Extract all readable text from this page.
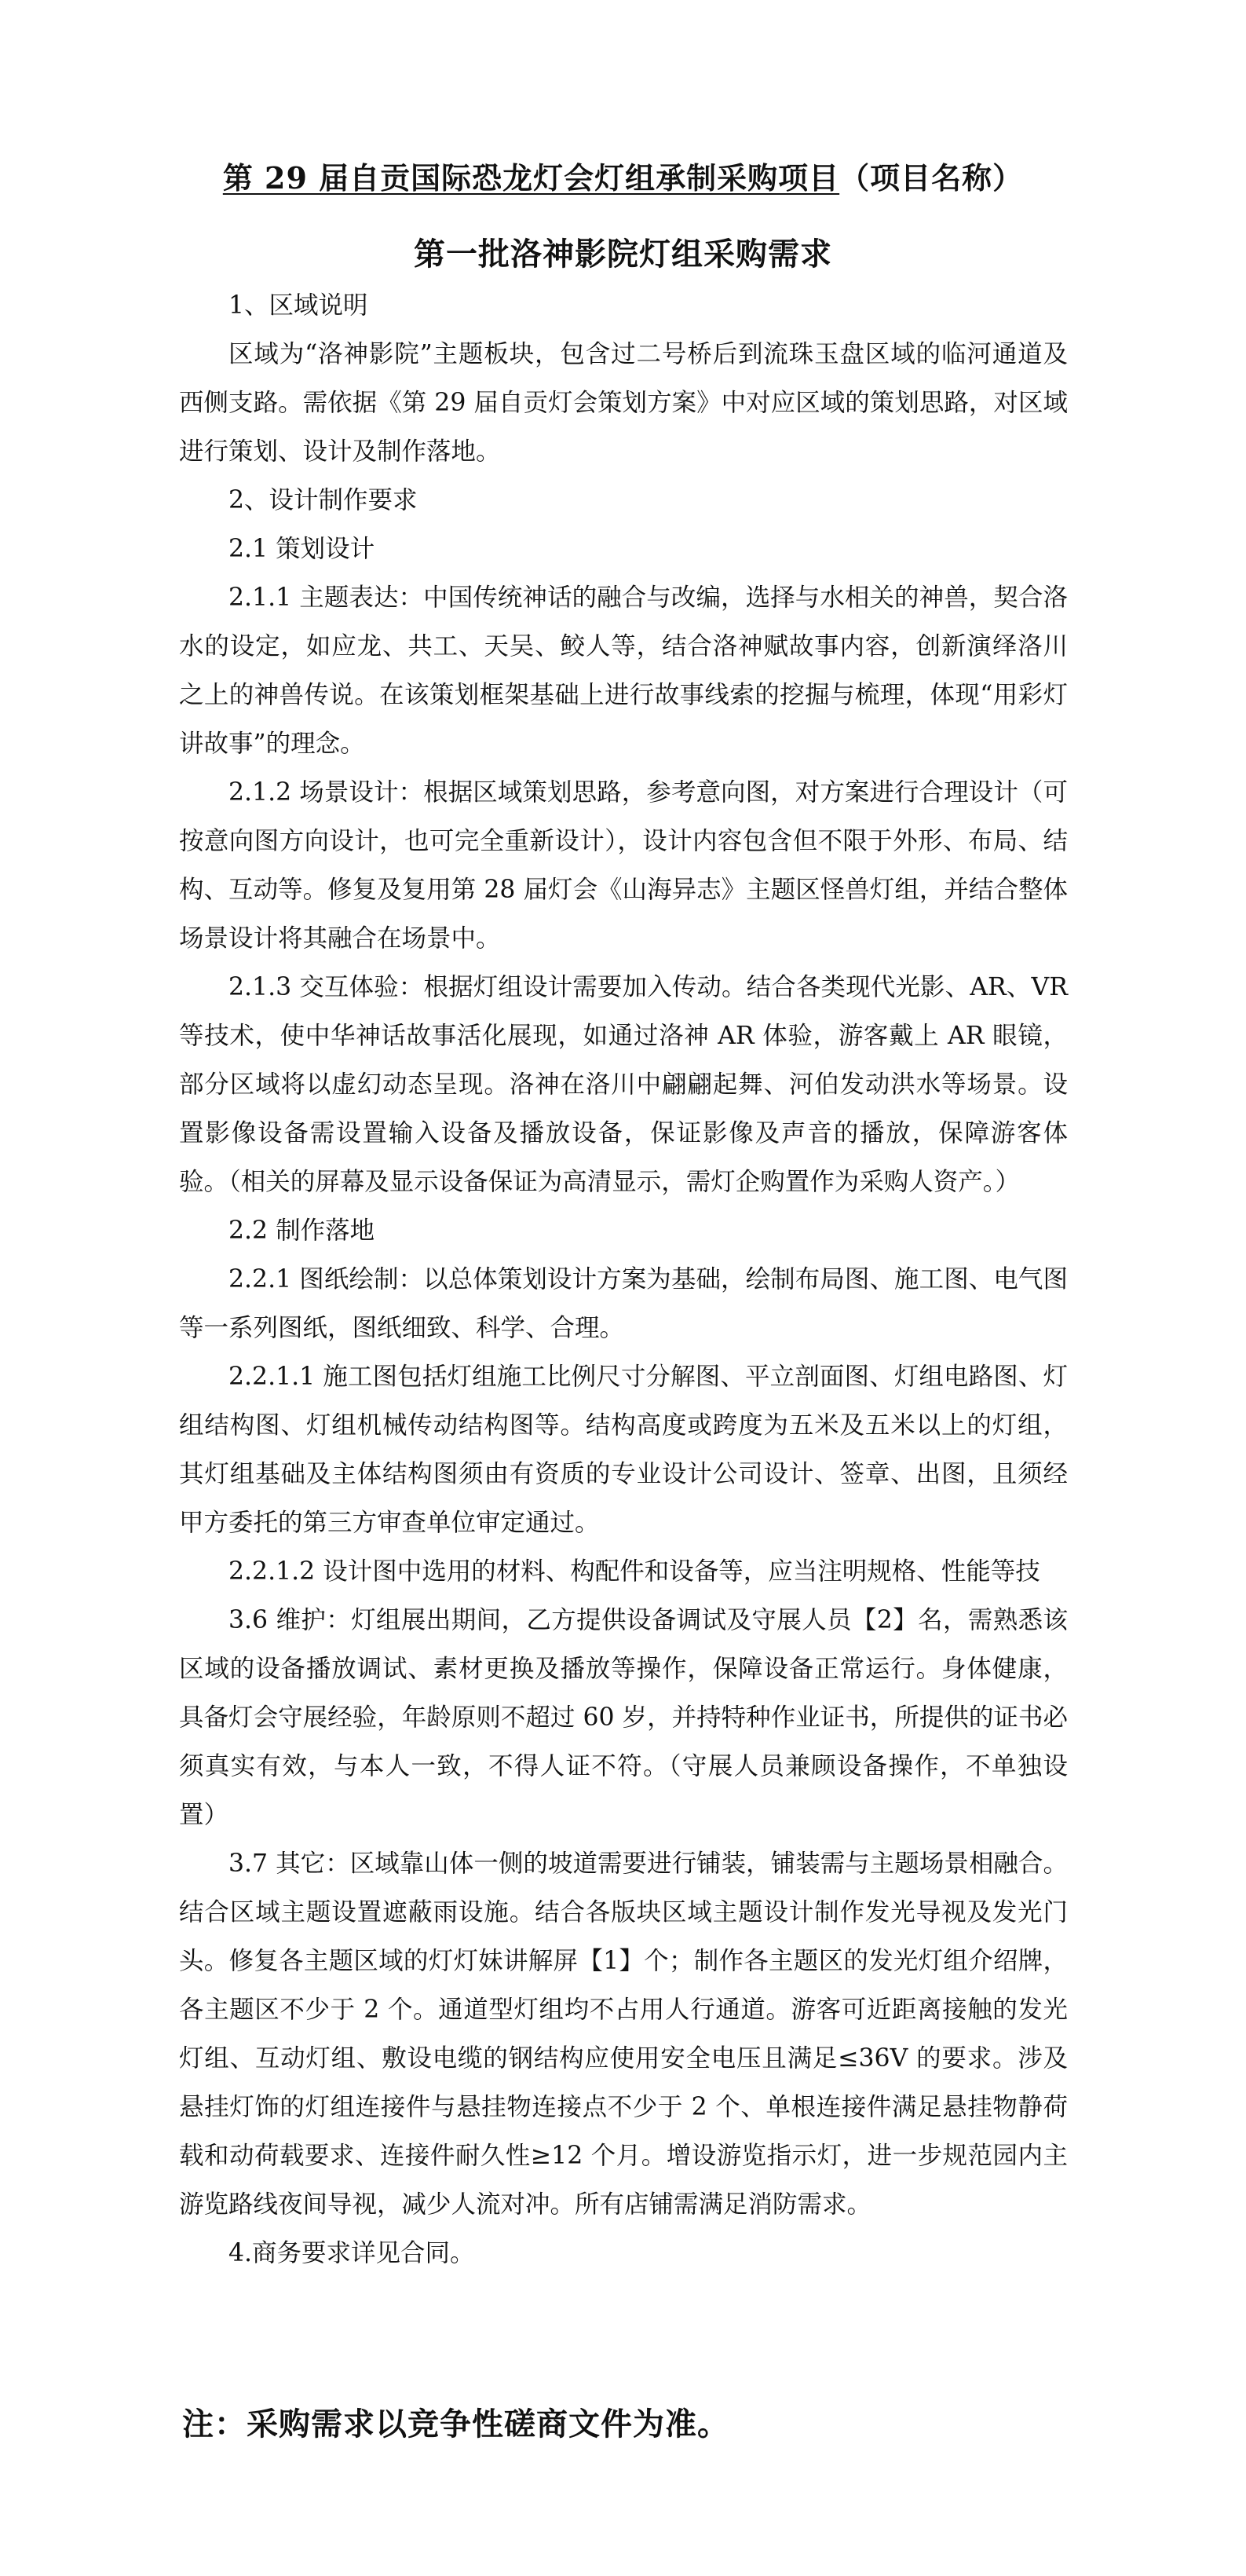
第 29 届自贡国际恐龙灯会灯组承制采购项目（项目名称）
第一批洛神影院灯组采购需求

1、区域说明

区域为“洛神影院”主题板块，包含过二号桥后到流珠玉盘区域的临河通道及西侧支路。需依据《第 29 届自贡灯会策划方案》中对应区域的策划思路，对区域进行策划、设计及制作落地。

2、设计制作要求

2.1 策划设计

2.1.1 主题表达：中国传统神话的融合与改编，选择与水相关的神兽，契合洛水的设定，如应龙、共工、天吴、鲛人等，结合洛神赋故事内容，创新演绎洛川之上的神兽传说。在该策划框架基础上进行故事线索的挖掘与梳理，体现“用彩灯讲故事”的理念。

2.1.2 场景设计：根据区域策划思路，参考意向图，对方案进行合理设计（可按意向图方向设计，也可完全重新设计），设计内容包含但不限于外形、布局、结构、互动等。修复及复用第 28 届灯会《山海异志》主题区怪兽灯组，并结合整体场景设计将其融合在场景中。

2.1.3 交互体验：根据灯组设计需要加入传动。结合各类现代光影、AR、VR等技术，使中华神话故事活化展现，如通过洛神 AR 体验，游客戴上 AR 眼镜，部分区域将以虚幻动态呈现。洛神在洛川中翩翩起舞、河伯发动洪水等场景。设置影像设备需设置输入设备及播放设备，保证影像及声音的播放，保障游客体验。（相关的屏幕及显示设备保证为高清显示，需灯企购置作为采购人资产。）

2.2 制作落地

2.2.1 图纸绘制：以总体策划设计方案为基础，绘制布局图、施工图、电气图等一系列图纸，图纸细致、科学、合理。

2.2.1.1 施工图包括灯组施工比例尺寸分解图、平立剖面图、灯组电路图、灯组结构图、灯组机械传动结构图等。结构高度或跨度为五米及五米以上的灯组，其灯组基础及主体结构图须由有资质的专业设计公司设计、签章、出图，且须经甲方委托的第三方审查单位审定通过。

2.2.1.2 设计图中选用的材料、构配件和设备等，应当注明规格、性能等技

3.6 维护：灯组展出期间，乙方提供设备调试及守展人员【2】名，需熟悉该区域的设备播放调试、素材更换及播放等操作，保障设备正常运行。身体健康，具备灯会守展经验，年龄原则不超过 60 岁，并持特种作业证书，所提供的证书必须真实有效，与本人一致，不得人证不符。（守展人员兼顾设备操作，不单独设置）

3.7 其它：区域靠山体一侧的坡道需要进行铺装，铺装需与主题场景相融合。结合区域主题设置遮蔽雨设施。结合各版块区域主题设计制作发光导视及发光门头。修复各主题区域的灯灯妹讲解屏【1】个；制作各主题区的发光灯组介绍牌，各主题区不少于 2 个。通道型灯组均不占用人行通道。游客可近距离接触的发光灯组、互动灯组、敷设电缆的钢结构应使用安全电压且满足≤36V 的要求。涉及悬挂灯饰的灯组连接件与悬挂物连接点不少于 2 个、单根连接件满足悬挂物静荷载和动荷载要求、连接件耐久性≥12 个月。增设游览指示灯，进一步规范园内主游览路线夜间导视，减少人流对冲。所有店铺需满足消防需求。

4.商务要求详见合同。

注：采购需求以竞争性磋商文件为准。
